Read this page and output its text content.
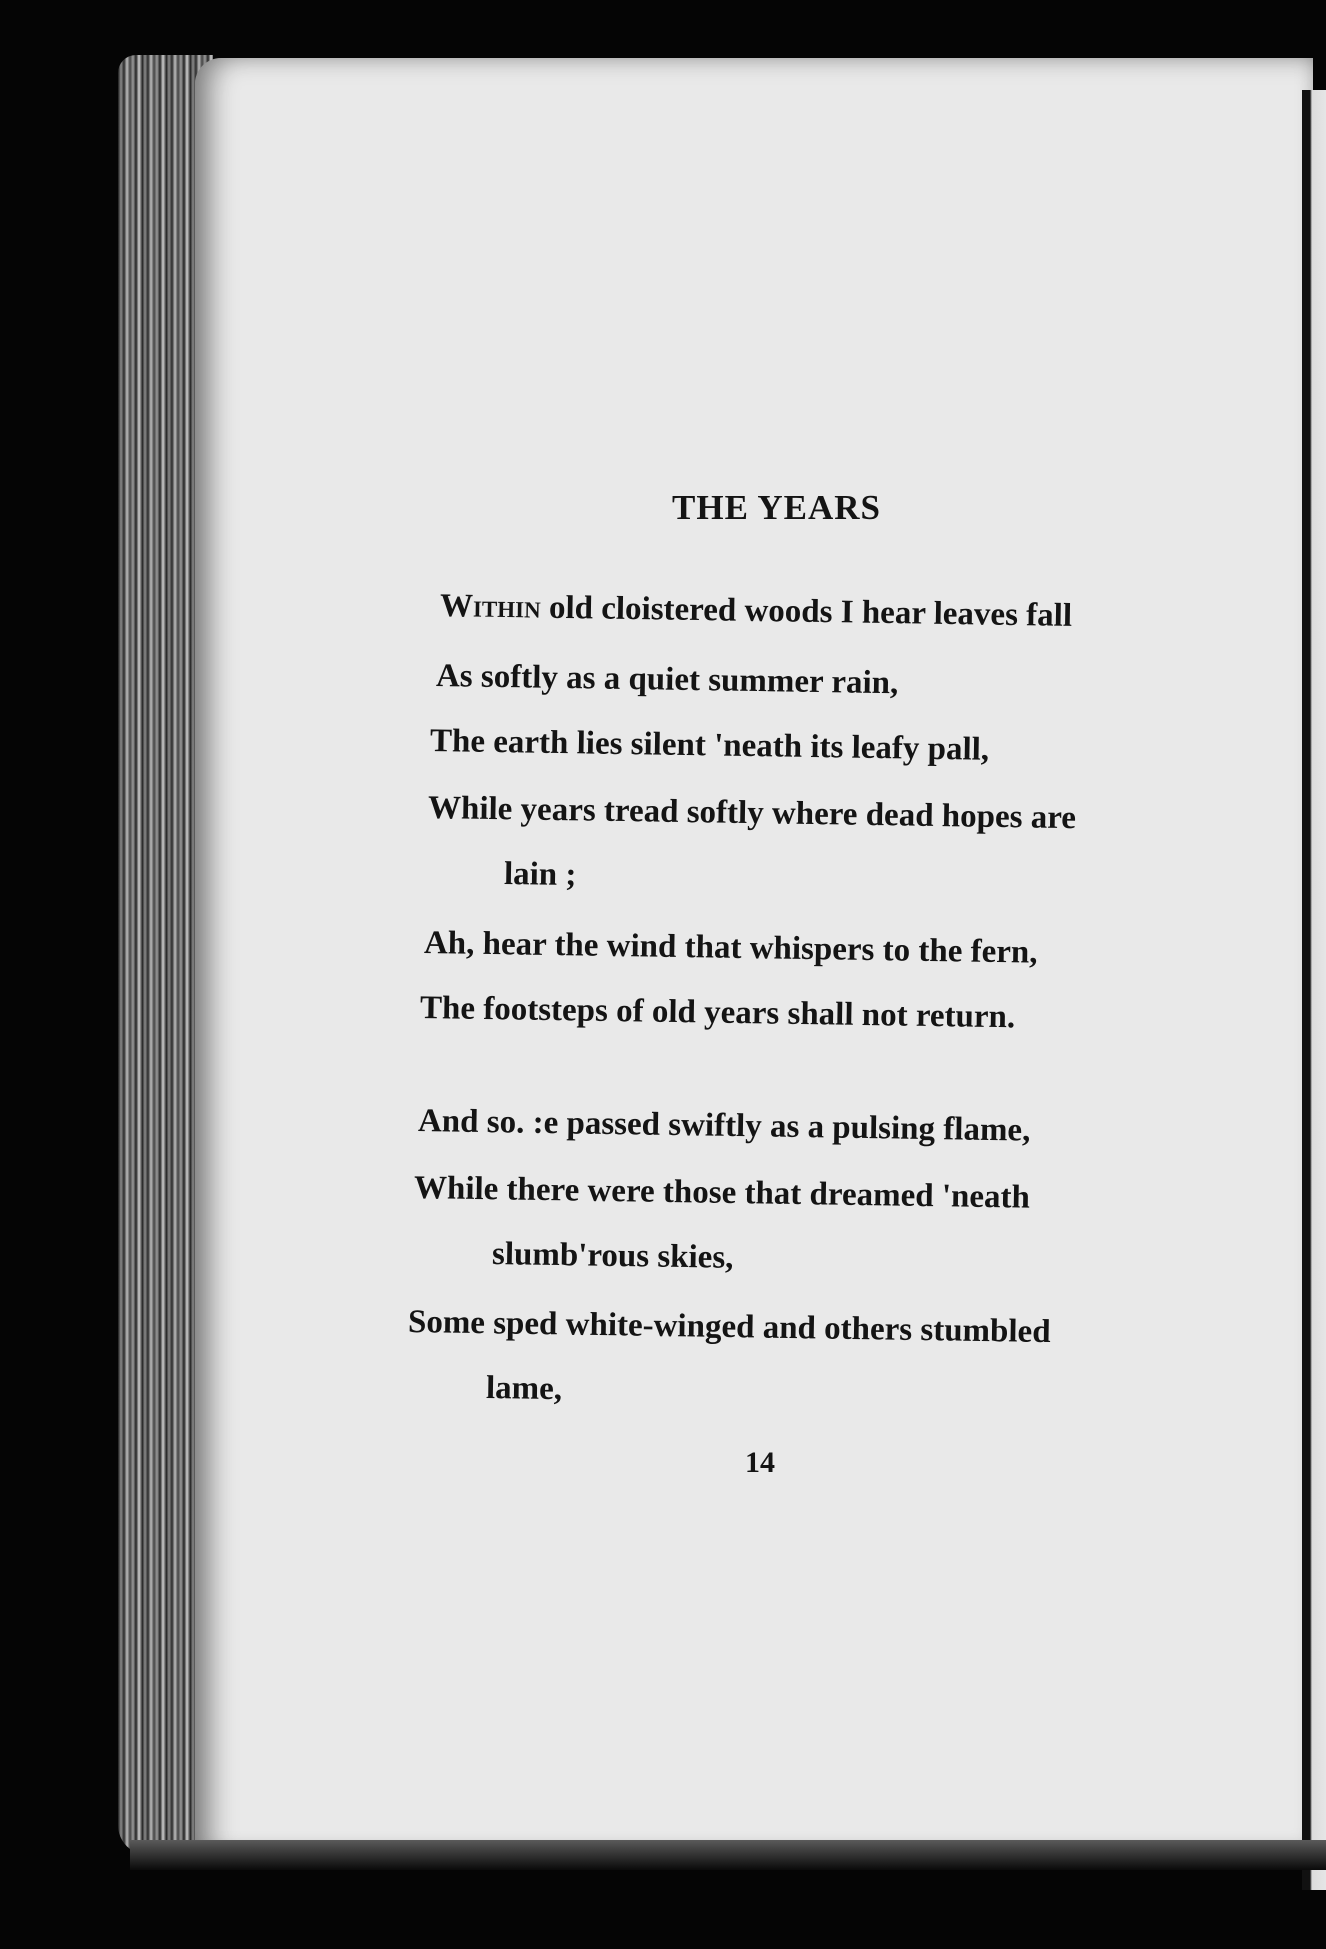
THE YEARS
Within old cloistered woods I hear leaves fall
As softly as a quiet summer rain,
The earth lies silent 'neath its leafy pall,
While years tread softly where dead hopes are
lain ;
Ah, hear the wind that whispers to the fern,
The footsteps of old years shall not return.
And so. :e passed swiftly as a pulsing flame,
While there were those that dreamed 'neath
slumb'rous skies,
Some sped white-winged and others stumbled
lame,
14
